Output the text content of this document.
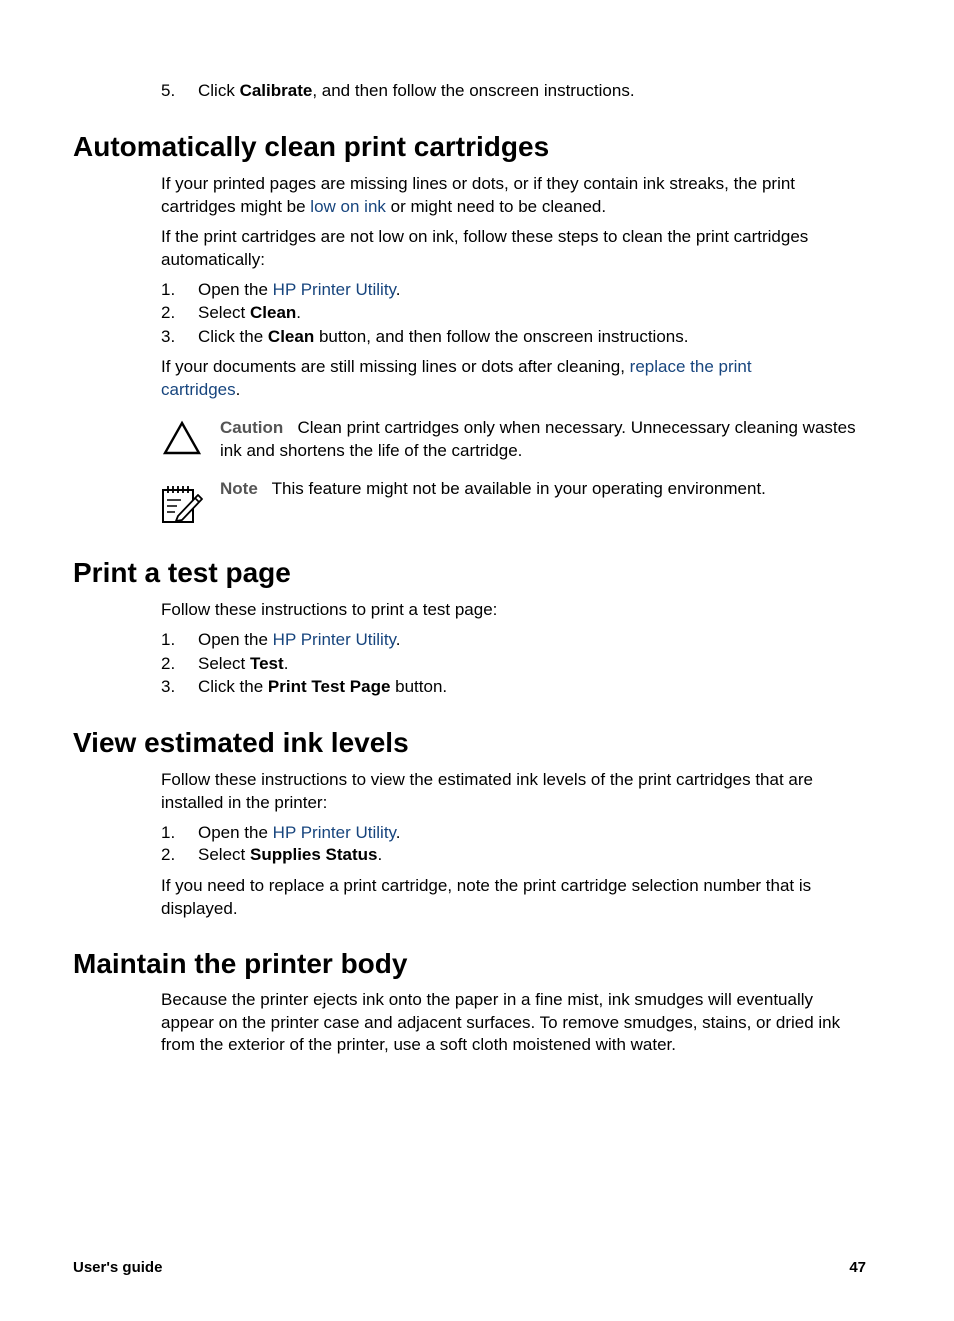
5. Click Calibrate, and then follow the onscreen instructions.
Automatically clean print cartridges
If your printed pages are missing lines or dots, or if they contain ink streaks, the print cartridges might be low on ink or might need to be cleaned.
If the print cartridges are not low on ink, follow these steps to clean the print cartridges automatically:
1. Open the HP Printer Utility.
2. Select Clean.
3. Click the Clean button, and then follow the onscreen instructions.
If your documents are still missing lines or dots after cleaning, replace the print cartridges.
Caution Clean print cartridges only when necessary. Unnecessary cleaning wastes ink and shortens the life of the cartridge.
Note This feature might not be available in your operating environment.
Print a test page
Follow these instructions to print a test page:
1. Open the HP Printer Utility.
2. Select Test.
3. Click the Print Test Page button.
View estimated ink levels
Follow these instructions to view the estimated ink levels of the print cartridges that are installed in the printer:
1. Open the HP Printer Utility.
2. Select Supplies Status.
If you need to replace a print cartridge, note the print cartridge selection number that is displayed.
Maintain the printer body
Because the printer ejects ink onto the paper in a fine mist, ink smudges will eventually appear on the printer case and adjacent surfaces. To remove smudges, stains, or dried ink from the exterior of the printer, use a soft cloth moistened with water.
User's guide	47
